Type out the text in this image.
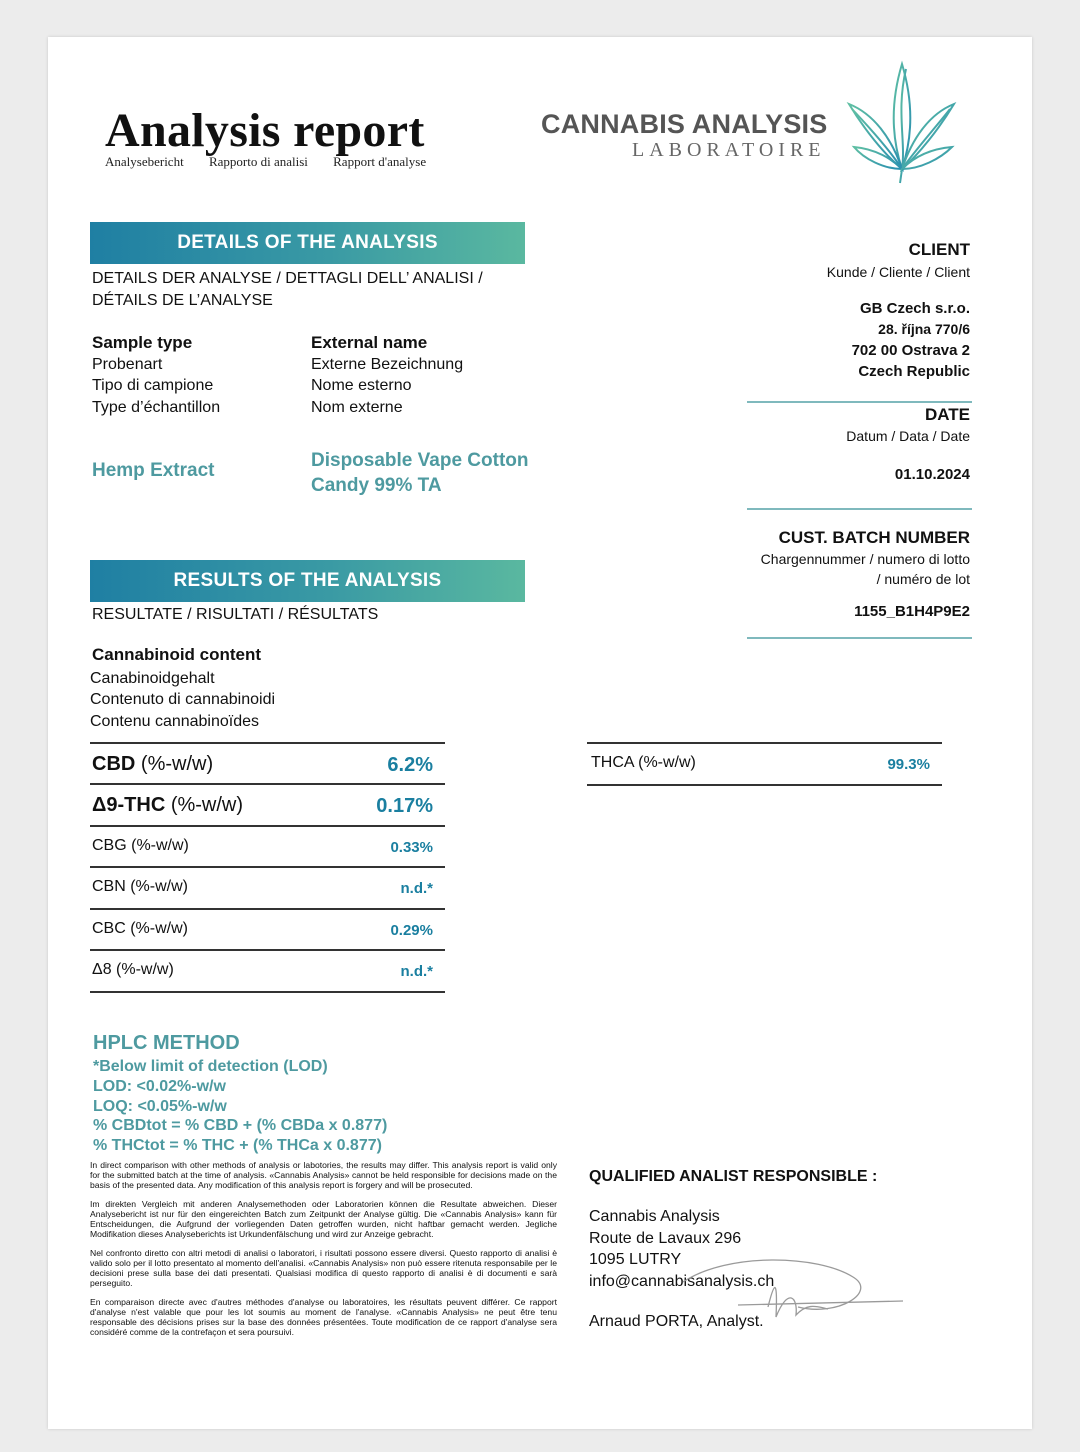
Analysis report
Analysebericht Rapporto di analisi Rapport d'analyse
CANNABIS ANALYSIS
LABORATOIRE
DETAILS OF THE ANALYSIS
DETAILS DER ANALYSE / DETTAGLI DELL’ ANALISI /
DÉTAILS DE L’ANALYSE
Sample type
Probenart
Tipo di campione
Type d’échantillon
External name
Externe Bezeichnung
Nome esterno
Nom externe
Hemp Extract	Disposable Vape Cotton
Candy 99% TA
CLIENT
Kunde / Cliente / Client
GB Czech s.r.o.
28. října 770/6
702 00 Ostrava 2
Czech Republic
DATE
Datum / Data / Date
01.10.2024
CUST. BATCH NUMBER
Chargennummer / numero di lotto
/ numéro de lot
1155_B1H4P9E2
RESULTS OF THE ANALYSIS
RESULTATE / RISULTATI / RÉSULTATS
Cannabinoid content
Canabinoidgehalt
Contenuto di cannabinoidi
Contenu cannabinoïdes
CBD (%-w/w)	6.2%
Δ9-THC (%-w/w)	0.17%
CBG (%-w/w)	0.33%
CBN (%-w/w)	n.d.*
CBC (%-w/w)	0.29%
Δ8 (%-w/w)	n.d.*
THCA (%-w/w)	99.3%
HPLC METHOD
*Below limit of detection (LOD)
LOD: <0.02%-w/w
LOQ: <0.05%-w/w
% CBDtot = % CBD + (% CBDa x 0.877)
% THCtot = % THC + (% THCa x 0.877)

In direct comparison with other methods of analysis or labotories, the results may differ. This analysis report is valid only for the submitted batch at the time of analysis. «Cannabis Analysis» cannot be held responsible for decisions made on the basis of the presented data. Any modification of this analysis report is forgery and will be prosecuted.

Im direkten Vergleich mit anderen Analysemethoden oder Laboratorien können die Resultate abweichen. Dieser Analysebericht ist nur für den eingereichten Batch zum Zeitpunkt der Analyse gültig. Die «Cannabis Analysis» kann für Entscheidungen, die Aufgrund der vorliegenden Daten getroffen wurden, nicht haftbar gemacht werden. Jegliche Modifikation dieses Analyseberichts ist Urkundenfälschung und wird zur Anzeige gebracht.

Nel confronto diretto con altri metodi di analisi o laboratori, i risultati possono essere diversi. Questo rapporto di analisi è valido solo per il lotto presentato al momento dell'analisi. «Cannabis Analysis» non può essere ritenuta responsabile per le decisioni prese sulla base dei dati presentati. Qualsiasi modifica di questo rapporto di analisi è di documenti e sarà perseguito.

En comparaison directe avec d'autres méthodes d'analyse ou laboratoires, les résultats peuvent différer. Ce rapport d'analyse n'est valable que pour les lot soumis au moment de l'analyse. «Cannabis Analysis» ne peut être tenu responsable des décisions prises sur la base des données présentées. Toute modification de ce rapport d'analyse sera considéré comme de la contrefaçon et sera poursuivi.

QUALIFIED ANALIST RESPONSIBLE :
Cannabis Analysis
Route de Lavaux 296
1095 LUTRY
info@cannabisanalysis.ch
Arnaud PORTA, Analyst.
